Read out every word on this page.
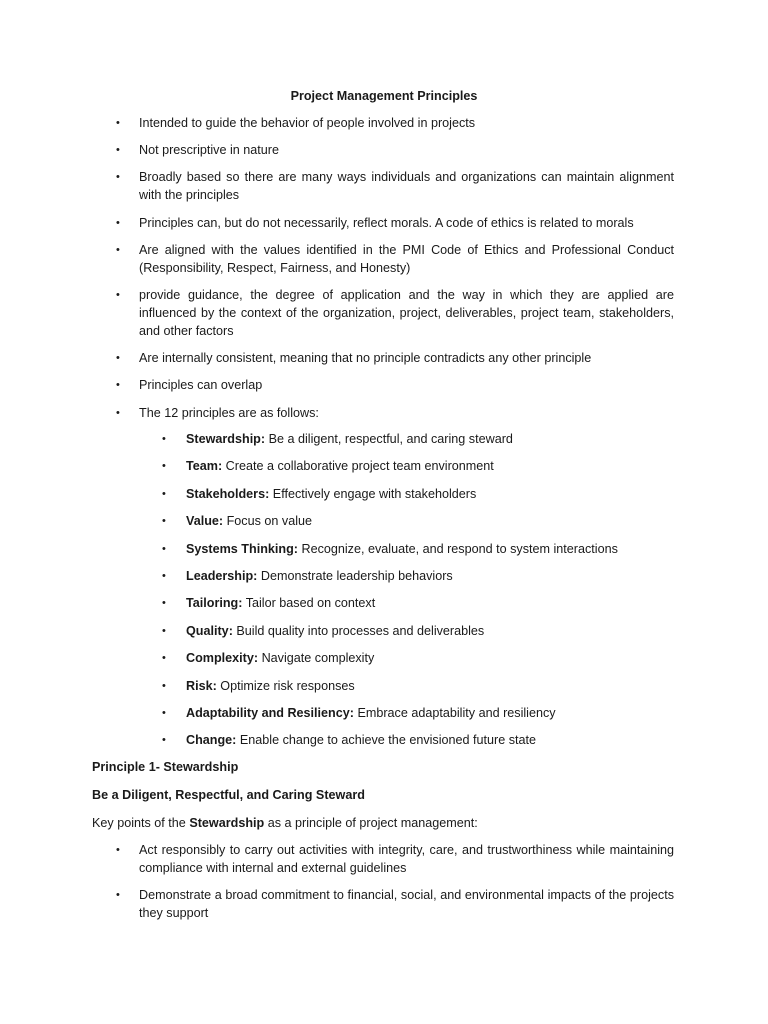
Project Management Principles
• Intended to guide the behavior of people involved in projects
• Not prescriptive in nature
• Broadly based so there are many ways individuals and organizations can maintain alignment with the principles
• Principles can, but do not necessarily, reflect morals. A code of ethics is related to morals
• Are aligned with the values identified in the PMI Code of Ethics and Professional Conduct (Responsibility, Respect, Fairness, and Honesty)
• provide guidance, the degree of application and the way in which they are applied are influenced by the context of the organization, project, deliverables, project team, stakeholders, and other factors
• Are internally consistent, meaning that no principle contradicts any other principle
• Principles can overlap
• The 12 principles are as follows:
• Stewardship: Be a diligent, respectful, and caring steward
• Team: Create a collaborative project team environment
• Stakeholders: Effectively engage with stakeholders
• Value: Focus on value
• Systems Thinking: Recognize, evaluate, and respond to system interactions
• Leadership: Demonstrate leadership behaviors
• Tailoring: Tailor based on context
• Quality: Build quality into processes and deliverables
• Complexity: Navigate complexity
• Risk: Optimize risk responses
• Adaptability and Resiliency: Embrace adaptability and resiliency
• Change: Enable change to achieve the envisioned future state
Principle 1- Stewardship
Be a Diligent, Respectful, and Caring Steward
Key points of the Stewardship as a principle of project management:
• Act responsibly to carry out activities with integrity, care, and trustworthiness while maintaining compliance with internal and external guidelines
• Demonstrate a broad commitment to financial, social, and environmental impacts of the projects they support
